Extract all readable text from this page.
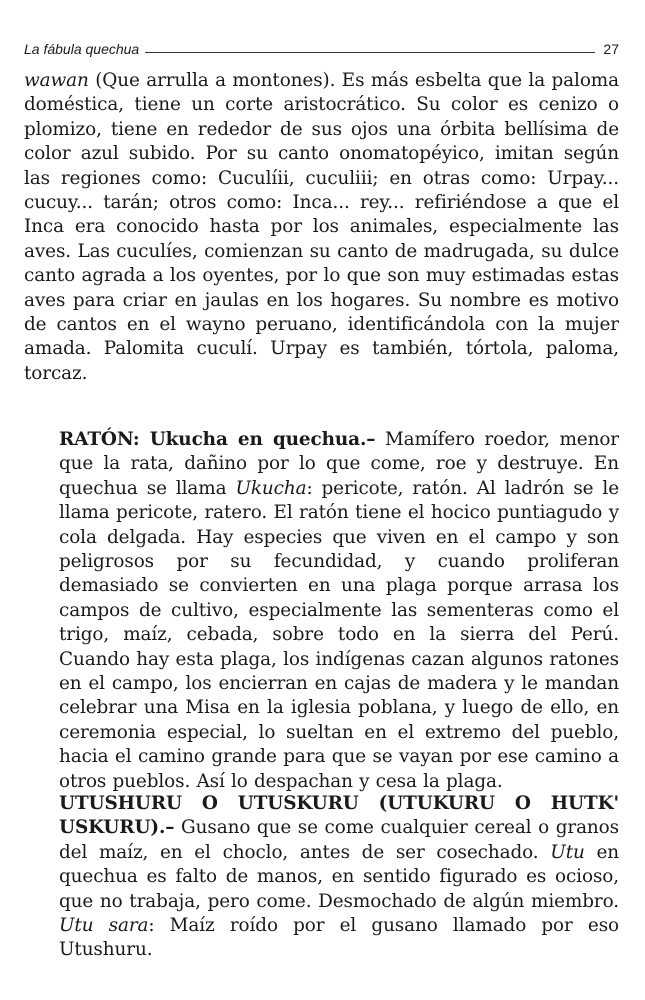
La fábula quechua	27

wawan (Que arrulla a montones). Es más esbelta que la paloma doméstica, tiene un corte aristocrático. Su color es cenizo o plomizo, tiene en rededor de sus ojos una órbita bellísima de color azul subido. Por su canto onomatopéyico, imitan según las regiones como: Cuculíii, cuculiii; en otras como: Urpay... cucuy... tarán; otros como: Inca... rey... refiriéndose a que el Inca era conocido hasta por los animales, especialmente las aves. Las cuculíes, comienzan su canto de madrugada, su dulce canto agrada a los oyentes, por lo que son muy estimadas estas aves para criar en jaulas en los hogares. Su nombre es motivo de cantos en el wayno peruano, identificándola con la mujer amada. Palomita cuculí. Urpay es también, tórtola, paloma, torcaz.

RATÓN: Ukucha en quechua.– Mamífero roedor, menor que la rata, dañino por lo que come, roe y destruye. En quechua se llama Ukucha: pericote, ratón. Al ladrón se le llama pericote, ratero. El ratón tiene el hocico puntiagudo y cola delgada. Hay especies que viven en el campo y son peligrosos por su fecundidad, y cuando proliferan demasiado se convierten en una plaga porque arrasa los campos de cultivo, especialmente las sementeras como el trigo, maíz, cebada, sobre todo en la sierra del Perú. Cuando hay esta plaga, los indígenas cazan algunos ratones en el campo, los encierran en cajas de madera y le mandan celebrar una Misa en la iglesia poblana, y luego de ello, en ceremonia especial, lo sueltan en el extremo del pueblo, hacia el camino grande para que se vayan por ese camino a otros pueblos. Así lo despachan y cesa la plaga.

UTUSHURU O UTUSKURU (UTUKURU O HUTK' USKURU).– Gusano que se come cualquier cereal o granos del maíz, en el choclo, antes de ser cosechado. Utu en quechua es falto de manos, en sentido figurado es ocioso, que no trabaja, pero come. Desmochado de algún miembro. Utu sara: Maíz roído por el gusano llamado por eso Utushuru.
